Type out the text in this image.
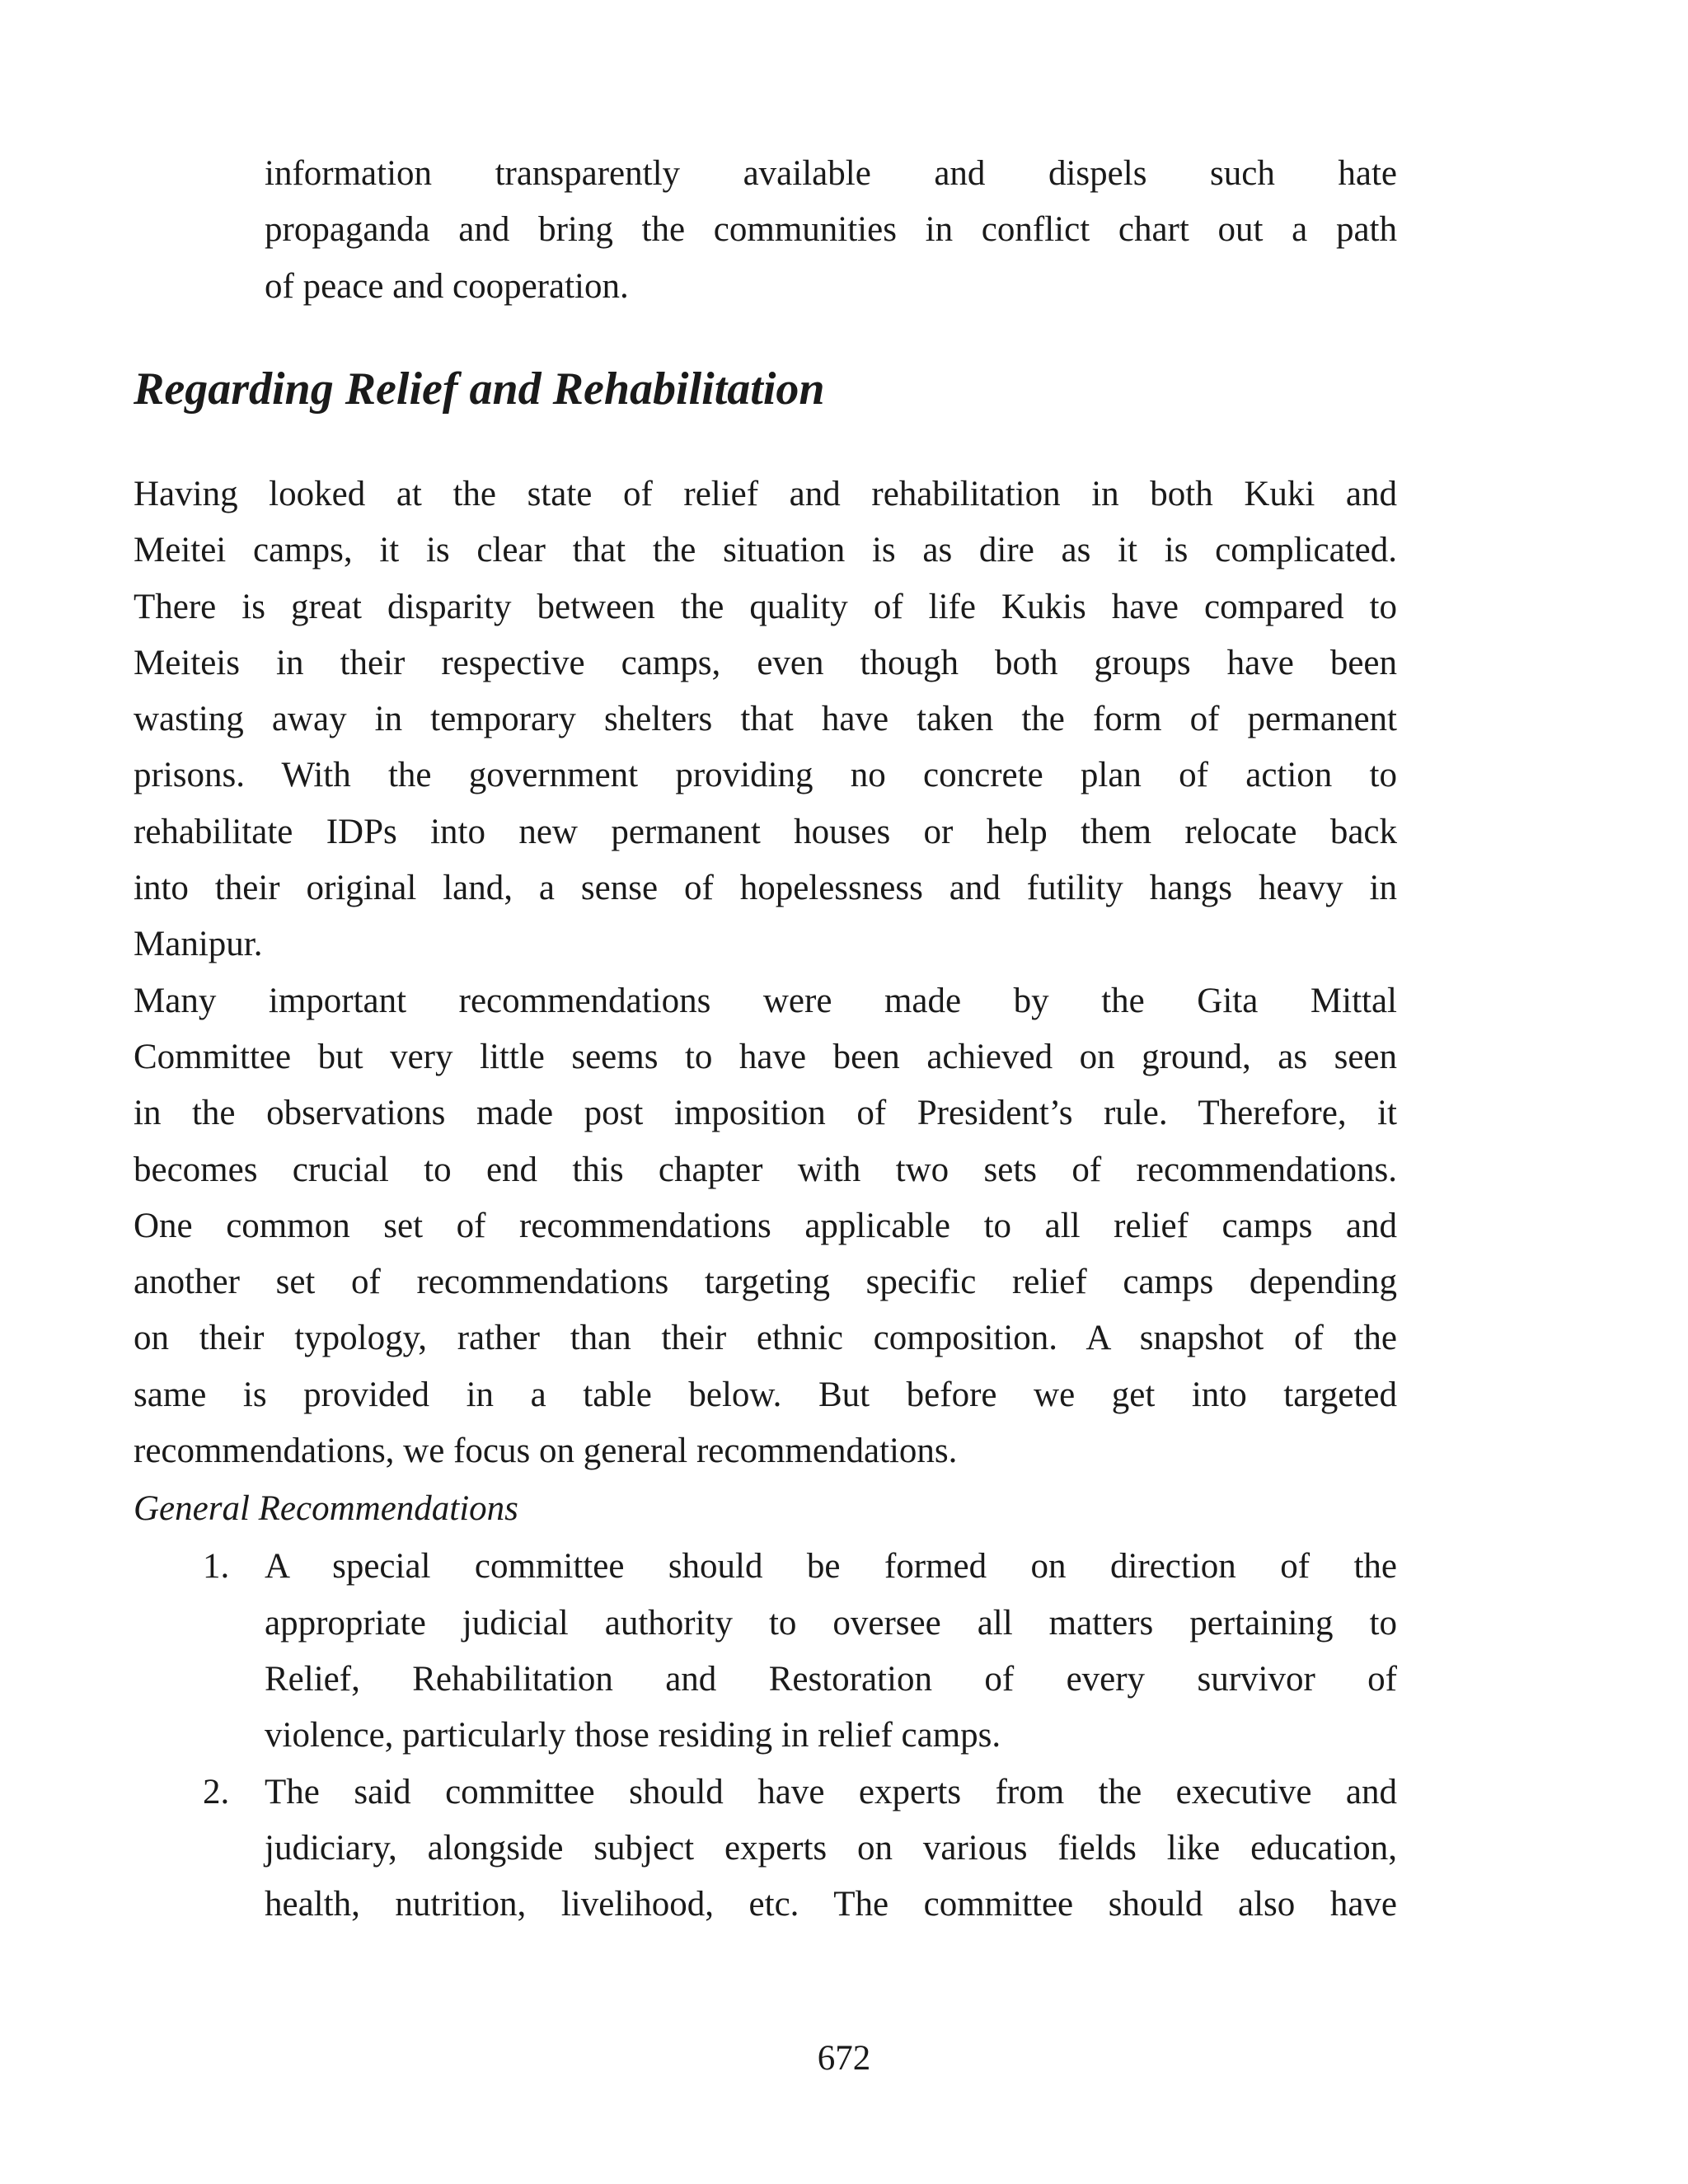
information transparently available and dispels such hate
propaganda and bring the communities in conflict chart out a path
of peace and cooperation.
Regarding Relief and Rehabilitation
Having looked at the state of relief and rehabilitation in both Kuki and
Meitei camps, it is clear that the situation is as dire as it is complicated.
There is great disparity between the quality of life Kukis have compared to
Meiteis in their respective camps, even though both groups have been
wasting away in temporary shelters that have taken the form of permanent
prisons. With the government providing no concrete plan of action to
rehabilitate IDPs into new permanent houses or help them relocate back
into their original land, a sense of hopelessness and futility hangs heavy in
Manipur.
Many important recommendations were made by the Gita Mittal
Committee but very little seems to have been achieved on ground, as seen
in the observations made post imposition of President’s rule. Therefore, it
becomes crucial to end this chapter with two sets of recommendations.
One common set of recommendations applicable to all relief camps and
another set of recommendations targeting specific relief camps depending
on their typology, rather than their ethnic composition. A snapshot of the
same is provided in a table below. But before we get into targeted
recommendations, we focus on general recommendations.
General Recommendations
1. A special committee should be formed on direction of the
appropriate judicial authority to oversee all matters pertaining to
Relief, Rehabilitation and Restoration of every survivor of
violence, particularly those residing in relief camps.
2. The said committee should have experts from the executive and
judiciary, alongside subject experts on various fields like education,
health, nutrition, livelihood, etc. The committee should also have
672
